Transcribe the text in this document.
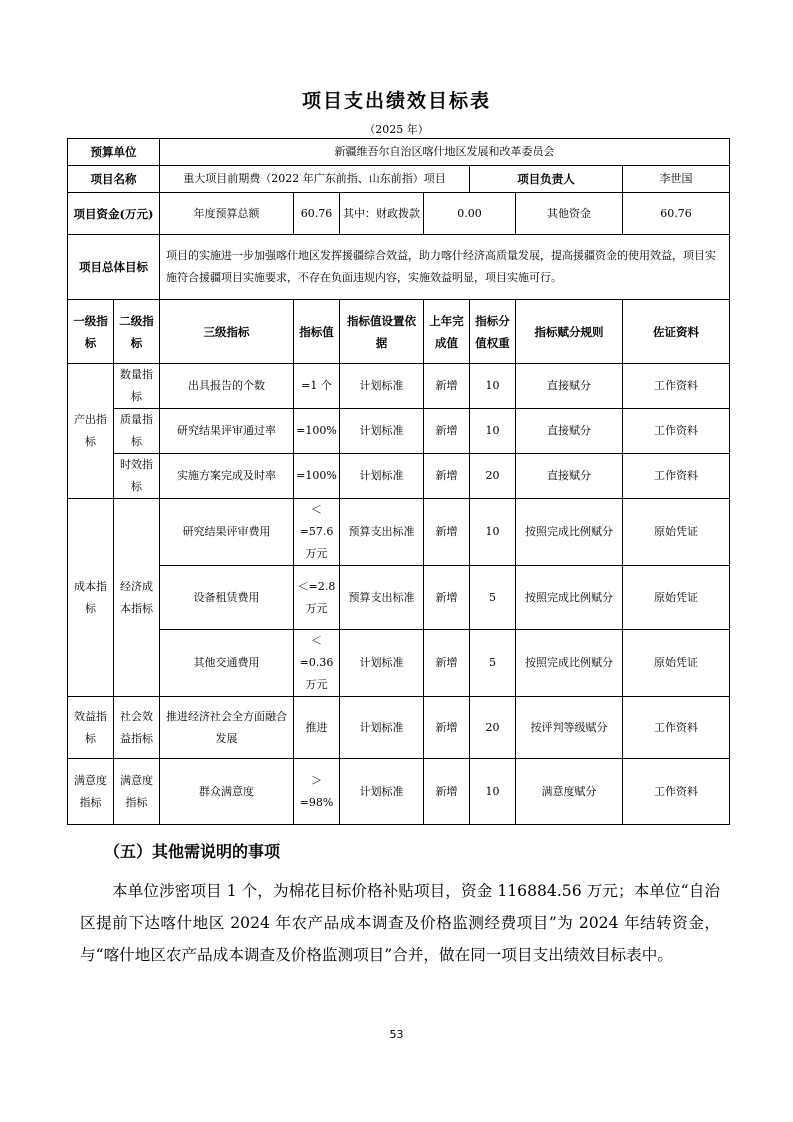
项目支出绩效目标表
（2025 年）
预算单位		新疆维吾尔自治区喀什地区发展和改革委员会						
项目名称		重大项目前期费（2022 年广东前指、山东前指）项目				项目负责人		李世国
项目资金(万元)		年度预算总额	60.76	其中：财政拨款	0.00		其他资金	60.76
项目总体目标		项目的实施进一步加强喀什地区发挥援疆综合效益，助力喀什经济高质量发展，提高援疆资金的使用效益，项目实施符合援疆项目实施要求，不存在负面违规内容，实施效益明显，项目实施可行。						
一级指标	二级指标	三级指标	指标值	指标值设置依据	上年完成值	指标分值权重	指标赋分规则	佐证资料
产出指标	数量指标	出具报告的个数	=1 个	计划标准	新增	10	直接赋分	工作资料
	质量指标	研究结果评审通过率	=100%	计划标准	新增	10	直接赋分	工作资料
	时效指标	实施方案完成及时率	=100%	计划标准	新增	20	直接赋分	工作资料
成本指标	经济成本指标	研究结果评审费用	＜=57.6万元	预算支出标准	新增	10	按照完成比例赋分	原始凭证
		设备租赁费用	＜=2.8万元	预算支出标准	新增	5	按照完成比例赋分	原始凭证
		其他交通费用	＜=0.36万元	计划标准	新增	5	按照完成比例赋分	原始凭证
效益指标	社会效益指标	推进经济社会全方面融合发展	推进	计划标准	新增	20	按评判等级赋分	工作资料
满意度指标	满意度指标	群众满意度	＞=98%	计划标准	新增	10	满意度赋分	工作资料
（五）其他需说明的事项

本单位涉密项目 1 个，为棉花目标价格补贴项目，资金 116884.56 万元；本单位“自治区提前下达喀什地区 2024 年农产品成本调查及价格监测经费项目”为 2024 年结转资金，与“喀什地区农产品成本调查及价格监测项目”合并，做在同一项目支出绩效目标表中。

53
